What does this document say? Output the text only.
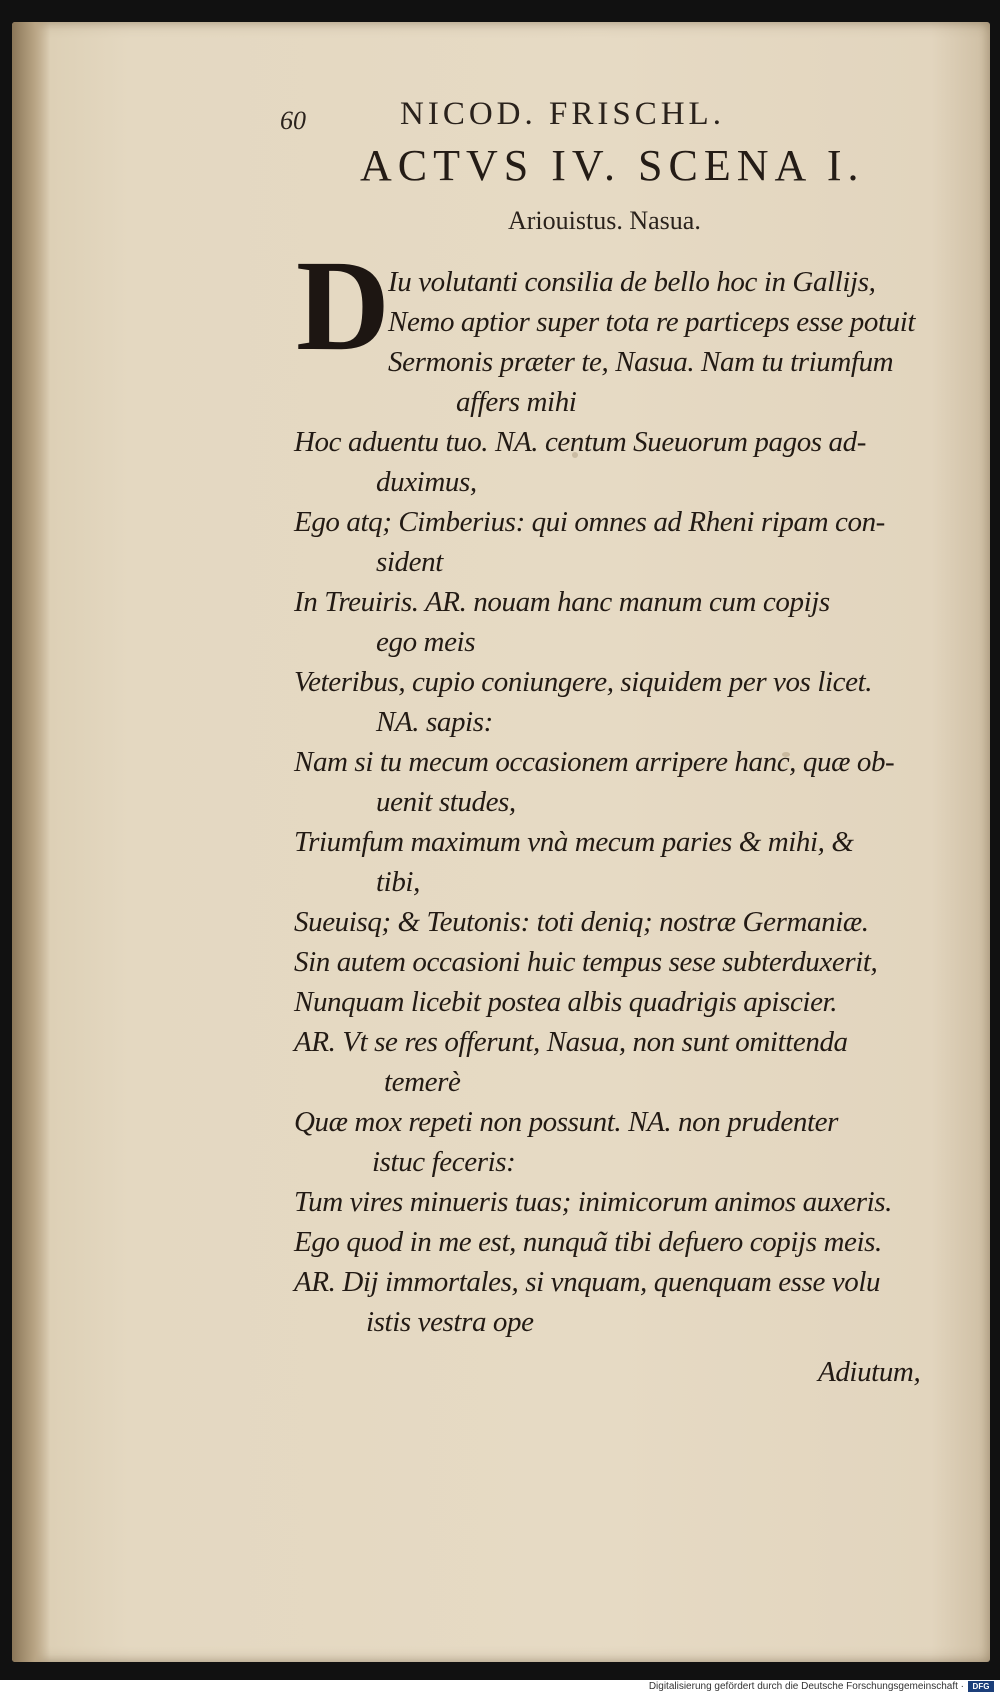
60	NICOD. FRISCHL.
ACTVS IV. SCENA I.
Ariouistus. Nasua.
D
Iu volutanti consilia de bello hoc in Gallijs,
Nemo aptior super tota re particeps esse potuit
Sermonis præter te, Nasua. Nam tu triumfum
affers mihi
Hoc aduentu tuo. NA. centum Sueuorum pagos ad-
duximus,
Ego atq; Cimberius: qui omnes ad Rheni ripam con-
sident
In Treuiris. AR. nouam hanc manum cum copijs
ego meis
Veteribus, cupio coniungere, siquidem per vos licet.
NA. sapis:
Nam si tu mecum occasionem arripere hanc, quæ ob-
uenit studes,
Triumfum maximum vnà mecum paries & mihi, &
tibi,
Sueuisq; & Teutonis: toti deniq; nostræ Germaniæ.
Sin autem occasioni huic tempus sese subterduxerit,
Nunquam licebit postea albis quadrigis apiscier.
AR. Vt se res offerunt, Nasua, non sunt omittenda
temerè
Quæ mox repeti non possunt. NA. non prudenter
istuc feceris:
Tum vires minueris tuas; inimicorum animos auxeris.
Ego quod in me est, nunquã tibi defuero copijs meis.
AR. Dij immortales, si vnquam, quenquam esse volu
istis vestra ope
Adiutum,
Digitalisierung gefördert durch die Deutsche Forschungsgemeinschaft ·	DFG
